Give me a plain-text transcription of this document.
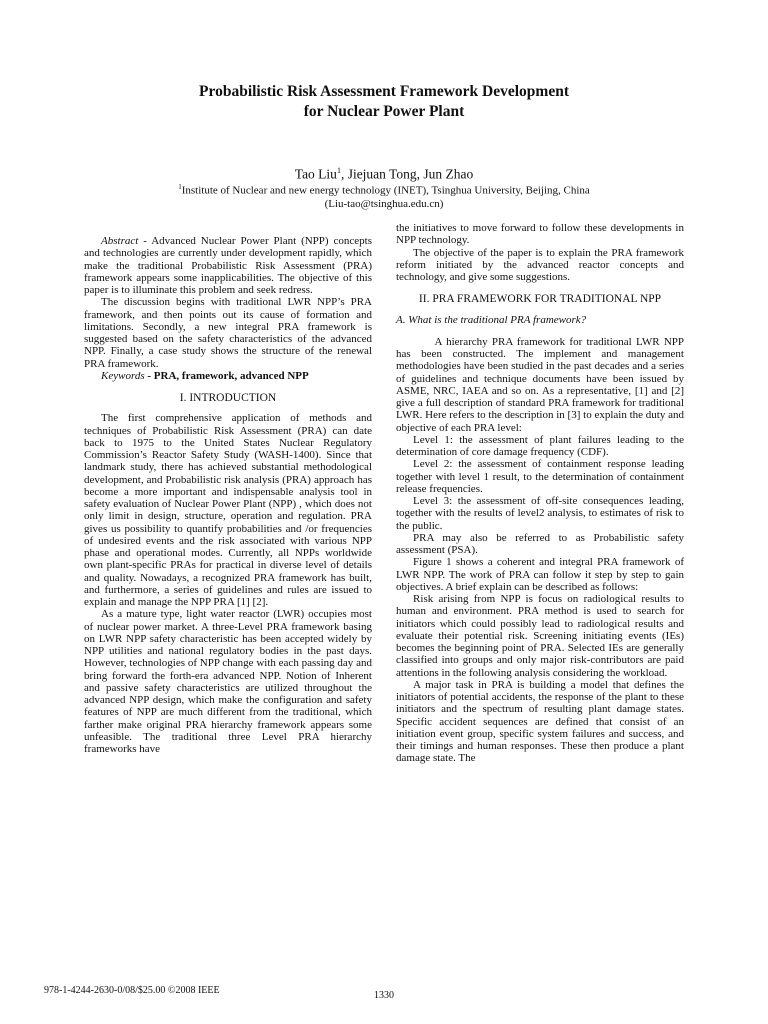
Probabilistic Risk Assessment Framework Development
for Nuclear Power Plant
Tao Liu$^1$, Jiejuan Tong, Jun Zhao
$^1$Institute of Nuclear and new energy technology (INET), Tsinghua University, Beijing, China
(Liu-tao@tsinghua.edu.cn)

Abstract - Advanced Nuclear Power Plant (NPP) concepts and technologies are currently under development rapidly, which make the traditional Probabilistic Risk Assessment (PRA) framework appears some inapplicabilities. The objective of this paper is to illuminate this problem and seek redress.

The discussion begins with traditional LWR NPP’s PRA framework, and then points out its cause of formation and limitations. Secondly, a new integral PRA framework is suggested based on the safety characteristics of the advanced NPP. Finally, a case study shows the structure of the renewal PRA framework.

Keywords - PRA, framework, advanced NPP

I. INTRODUCTION

The first comprehensive application of methods and techniques of Probabilistic Risk Assessment (PRA) can date back to 1975 to the United States Nuclear Regulatory Commission’s Reactor Safety Study (WASH-1400). Since that landmark study, there has achieved substantial methodological development, and Probabilistic risk analysis (PRA) approach has become a more important and indispensable analysis tool in safety evaluation of Nuclear Power Plant (NPP) , which does not only limit in design, structure, operation and regulation. PRA gives us possibility to quantify probabilities and /or frequencies of undesired events and the risk associated with various NPP phase and operational modes. Currently, all NPPs worldwide own plant-specific PRAs for practical in diverse level of details and quality. Nowadays, a recognized PRA framework has built, and furthermore, a series of guidelines and rules are issued to explain and manage the NPP PRA [1] [2].

As a mature type, light water reactor (LWR) occupies most of nuclear power market. A three-Level PRA framework basing on LWR NPP safety characteristic has been accepted widely by NPP utilities and national regulatory bodies in the past days. However, technologies of NPP change with each passing day and bring forward the forth-era advanced NPP. Notion of Inherent and passive safety characteristics are utilized throughout the advanced NPP design, which make the configuration and safety features of NPP are much different from the traditional, which farther make original PRA hierarchy framework appears some unfeasible. The traditional three Level PRA hierarchy frameworks have

the initiatives to move forward to follow these developments in NPP technology.

The objective of the paper is to explain the PRA framework reform initiated by the advanced reactor concepts and technology, and give some suggestions.

II. PRA FRAMEWORK FOR TRADITIONAL NPP
A. What is the traditional PRA framework?

A hierarchy PRA framework for traditional LWR NPP has been constructed. The implement and management methodologies have been studied in the past decades and a series of guidelines and technique documents have been issued by ASME, NRC, IAEA and so on. As a representative, [1] and [2] give a full description of standard PRA framework for traditional LWR. Here refers to the description in [3] to explain the duty and objective of each PRA level:

Level 1: the assessment of plant failures leading to the determination of core damage frequency (CDF).

Level 2: the assessment of containment response leading together with level 1 result, to the determination of containment release frequencies.

Level 3: the assessment of off-site consequences leading, together with the results of level2 analysis, to estimates of risk to the public.

PRA may also be referred to as Probabilistic safety assessment (PSA).

Figure 1 shows a coherent and integral PRA framework of LWR NPP. The work of PRA can follow it step by step to gain objectives. A brief explain can be described as follows:

Risk arising from NPP is focus on radiological results to human and environment. PRA method is used to search for initiators which could possibly lead to radiological results and evaluate their potential risk. Screening initiating events (IEs) becomes the beginning point of PRA. Selected IEs are generally classified into groups and only major risk-contributors are paid attentions in the following analysis considering the workload.

A major task in PRA is building a model that defines the initiators of potential accidents, the response of the plant to these initiators and the spectrum of resulting plant damage states. Specific accident sequences are defined that consist of an initiation event group, specific system failures and success, and their timings and human responses. These then produce a plant damage state. The

978-1-4244-2630-0/08/$25.00 ©2008 IEEE	1330
